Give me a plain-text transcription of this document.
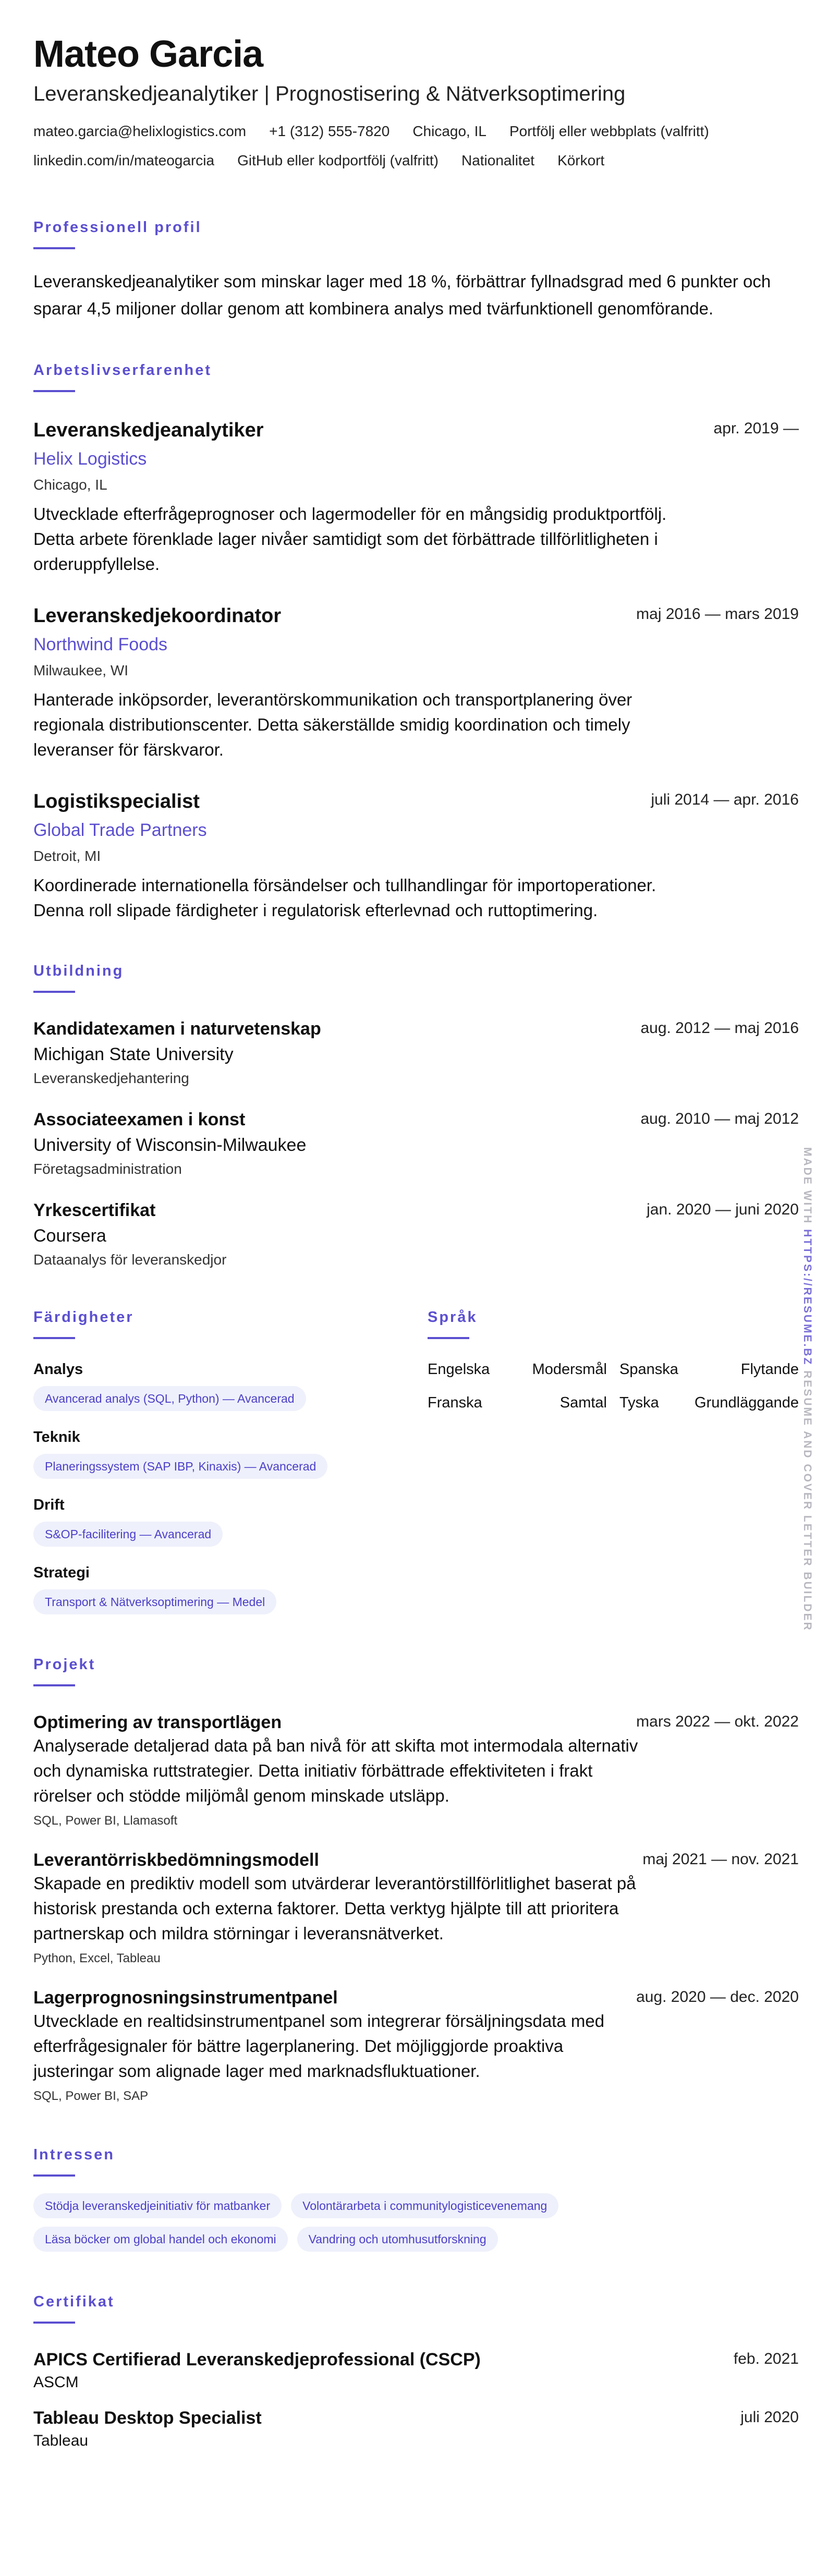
Mateo Garcia
Leveranskedjeanalytiker | Prognostisering & Nätverksoptimering
mateo.garcia@helixlogistics.com +1 (312) 555-7820 Chicago, IL Portfölj eller webbplats (valfritt)
linkedin.com/in/mateogarcia GitHub eller kodportfölj (valfritt) Nationalitet Körkort
Professionell profil
Leveranskedjeanalytiker som minskar lager med 18 %, förbättrar fyllnadsgrad med 6 punkter och sparar 4,5 miljoner dollar genom att kombinera analys med tvärfunktionell genomförande.
Arbetslivserfarenhet
Leveranskedjeanalytiker	apr. 2019 —
Helix Logistics
Chicago, IL
Utvecklade efterfrågeprognoser och lagermodeller för en mångsidig produktportfölj. Detta arbete förenklade lager nivåer samtidigt som det förbättrade tillförlitligheten i orderuppfyllelse.
Leveranskedjekoordinator	maj 2016 — mars 2019
Northwind Foods
Milwaukee, WI
Hanterade inköpsorder, leverantörskommunikation och transportplanering över regionala distributionscenter. Detta säkerställde smidig koordination och timely leveranser för färskvaror.
Logistikspecialist	juli 2014 — apr. 2016
Global Trade Partners
Detroit, MI
Koordinerade internationella försändelser och tullhandlingar för importoperationer. Denna roll slipade färdigheter i regulatorisk efterlevnad och ruttoptimering.
Utbildning
Kandidatexamen i naturvetenskap	aug. 2012 — maj 2016
Michigan State University
Leveranskedjehantering
Associateexamen i konst	aug. 2010 — maj 2012
University of Wisconsin-Milwaukee
Företagsadministration
Yrkescertifikat	jan. 2020 — juni 2020
Coursera
Dataanalys för leveranskedjor
Färdigheter
Analys
Avancerad analys (SQL, Python) — Avancerad
Teknik
Planeringssystem (SAP IBP, Kinaxis) — Avancerad
Drift
S&OP-facilitering — Avancerad
Strategi
Transport & Nätverksoptimering — Medel
Språk
Engelska	Modersmål Spanska	Flytande
Franska	Samtal Tyska Grundläggande
Projekt
Optimering av transportlägen	mars 2022 — okt. 2022
Analyserade detaljerad data på ban nivå för att skifta mot intermodala alternativ och dynamiska ruttstrategier. Detta initiativ förbättrade effektiviteten i frakt rörelser och stödde miljömål genom minskade utsläpp.
SQL, Power BI, Llamasoft
Leverantörriskbedömningsmodell	maj 2021 — nov. 2021
Skapade en prediktiv modell som utvärderar leverantörstillförlitlighet baserat på historisk prestanda och externa faktorer. Detta verktyg hjälpte till att prioritera partnerskap och mildra störningar i leveransnätverket.
Python, Excel, Tableau
Lagerprognosningsinstrumentpanel	aug. 2020 — dec. 2020
Utvecklade en realtidsinstrumentpanel som integrerar försäljningsdata med efterfrågesignaler för bättre lagerplanering. Det möjliggjorde proaktiva justeringar som alignade lager med marknadsfluktuationer.
SQL, Power BI, SAP
Intressen
Stödja leveranskedjeinitiativ för matbanker	Volontärarbeta i communitylogisticevenemang
Läsa böcker om global handel och ekonomi	Vandring och utomhusutforskning
Certifikat
APICS Certifierad Leveranskedjeprofessional (CSCP)	feb. 2021
ASCM
Tableau Desktop Specialist	juli 2020
Tableau
MADE WITH HTTPS://RESUME.BZ RESUME AND COVER LETTER BUILDER
